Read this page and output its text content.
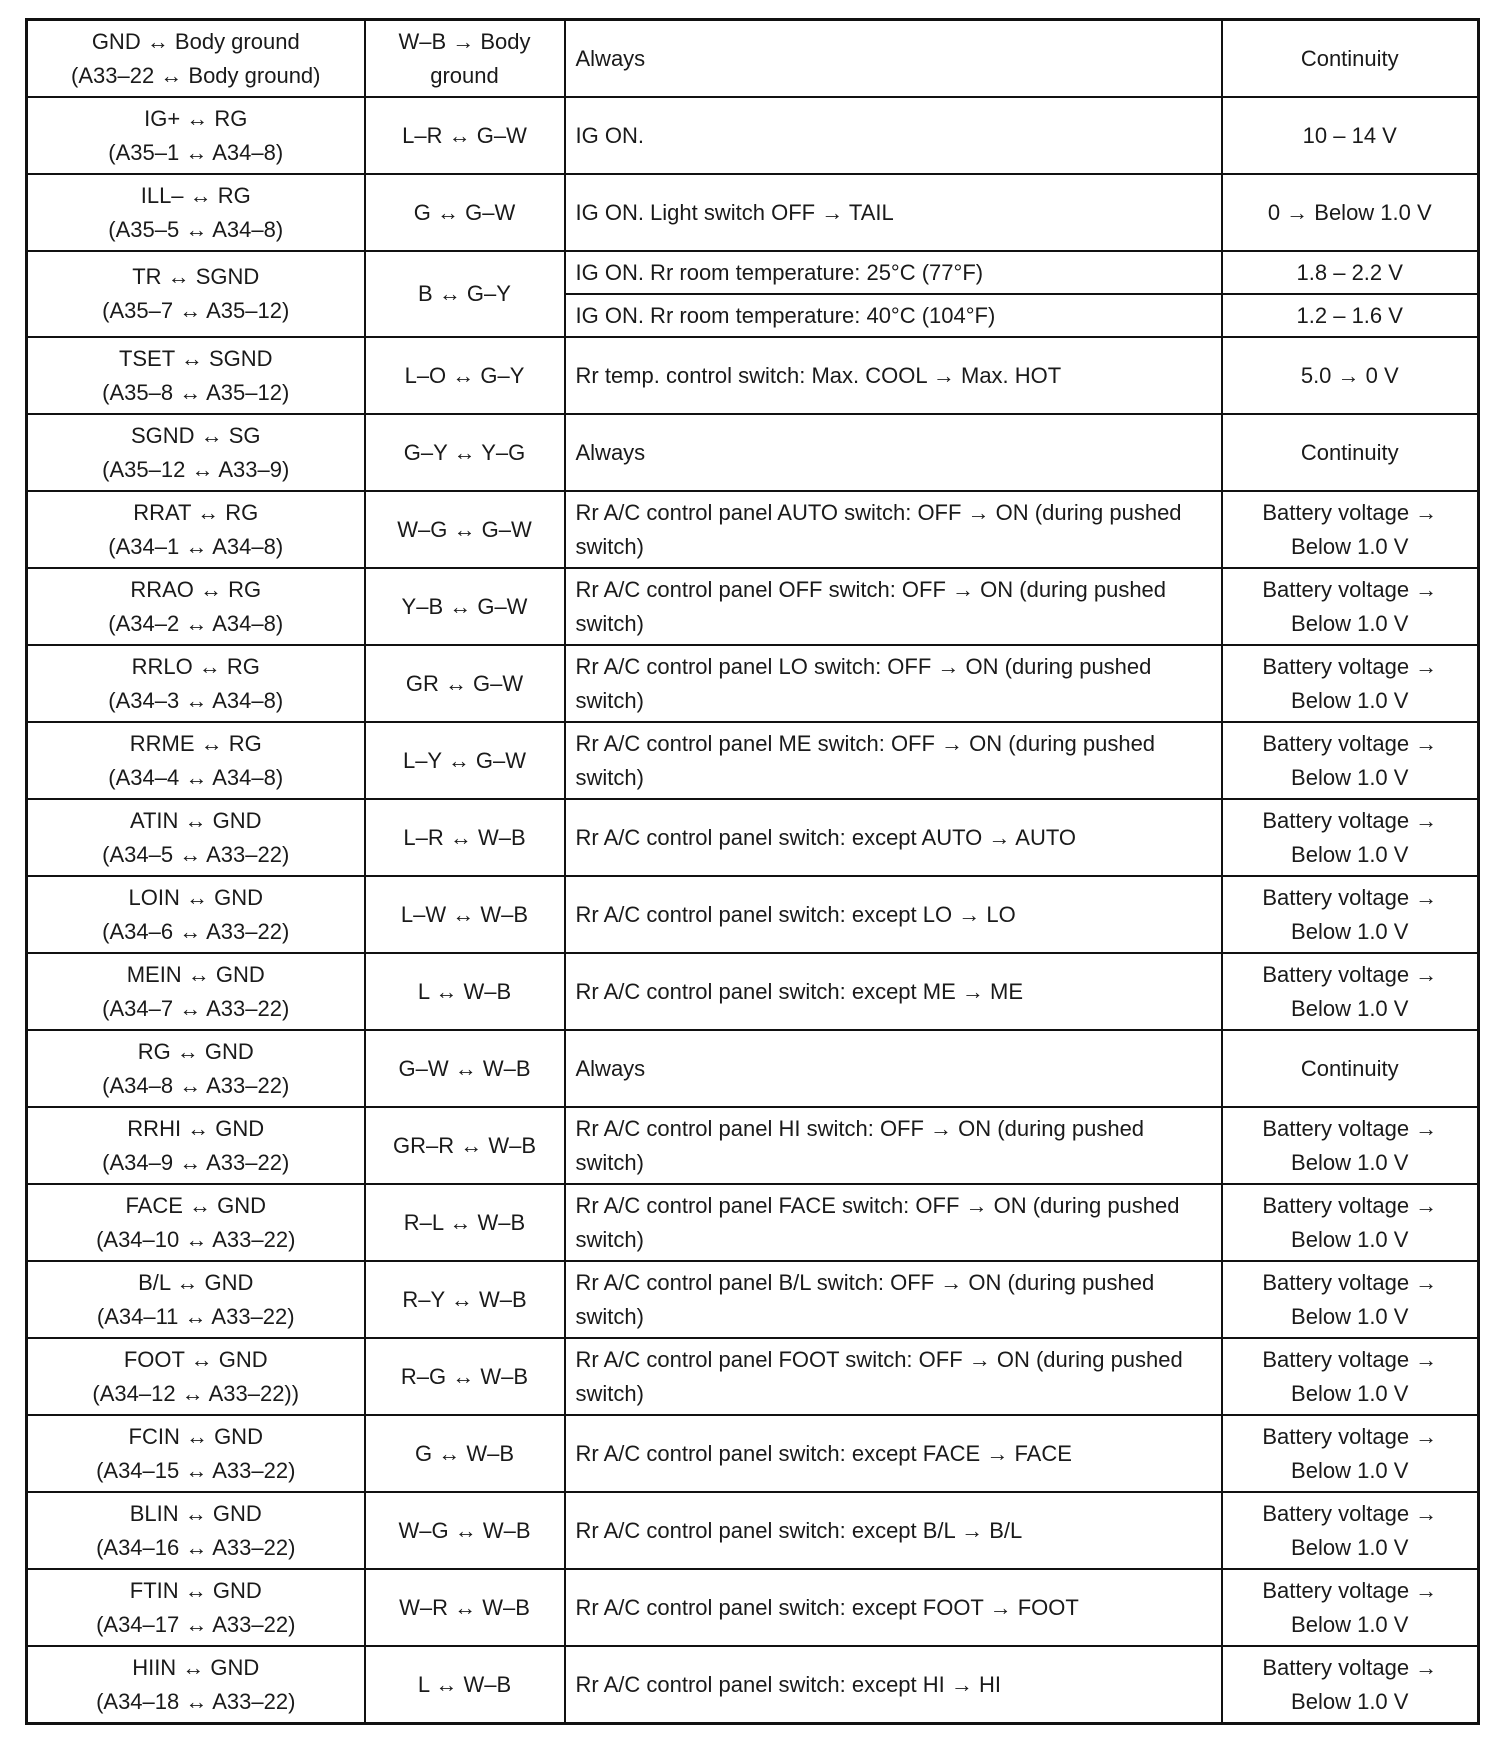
GND ↔ Body ground
(A33–22 ↔ Body ground)	W–B → Body
ground	Always	Continuity

IG+ ↔ RG
(A35–1 ↔ A34–8)	L–R ↔ G–W	IG ON.	10 – 14 V

ILL– ↔ RG
(A35–5 ↔ A34–8)	G ↔ G–W	IG ON. Light switch OFF → TAIL	0 → Below 1.0 V

TR ↔ SGND
(A35–7 ↔ A35–12)	B ↔ G–Y	IG ON. Rr room temperature: 25°C (77°F)	1.8 – 2.2 V

		IG ON. Rr room temperature: 40°C (104°F)	1.2 – 1.6 V

TSET ↔ SGND
(A35–8 ↔ A35–12)	L–O ↔ G–Y	Rr temp. control switch: Max. COOL → Max. HOT	5.0 → 0 V

SGND ↔ SG
(A35–12 ↔ A33–9)	G–Y ↔ Y–G	Always	Continuity

RRAT ↔ RG
(A34–1 ↔ A34–8)	W–G ↔ G–W	Rr A/C control panel AUTO switch: OFF → ON (during pushed switch)	Battery voltage →
Below 1.0 V

RRAO ↔ RG
(A34–2 ↔ A34–8)	Y–B ↔ G–W	Rr A/C control panel OFF switch: OFF → ON (during pushed switch)	Battery voltage →
Below 1.0 V

RRLO ↔ RG
(A34–3 ↔ A34–8)	GR ↔ G–W	Rr A/C control panel LO switch: OFF → ON (during pushed switch)	Battery voltage →
Below 1.0 V

RRME ↔ RG
(A34–4 ↔ A34–8)	L–Y ↔ G–W	Rr A/C control panel ME switch: OFF → ON (during pushed switch)	Battery voltage →
Below 1.0 V

ATIN ↔ GND
(A34–5 ↔ A33–22)	L–R ↔ W–B	Rr A/C control panel switch: except AUTO → AUTO	Battery voltage →
Below 1.0 V

LOIN ↔ GND
(A34–6 ↔ A33–22)	L–W ↔ W–B	Rr A/C control panel switch: except LO → LO	Battery voltage →
Below 1.0 V

MEIN ↔ GND
(A34–7 ↔ A33–22)	L ↔ W–B	Rr A/C control panel switch: except ME → ME	Battery voltage →
Below 1.0 V

RG ↔ GND
(A34–8 ↔ A33–22)	G–W ↔ W–B	Always	Continuity

RRHI ↔ GND
(A34–9 ↔ A33–22)	GR–R ↔ W–B	Rr A/C control panel HI switch: OFF → ON (during pushed switch)	Battery voltage →
Below 1.0 V

FACE ↔ GND
(A34–10 ↔ A33–22)	R–L ↔ W–B	Rr A/C control panel FACE switch: OFF → ON (during pushed switch)	Battery voltage →
Below 1.0 V

B/L ↔ GND
(A34–11 ↔ A33–22)	R–Y ↔ W–B	Rr A/C control panel B/L switch: OFF → ON (during pushed switch)	Battery voltage →
Below 1.0 V

FOOT ↔ GND
(A34–12 ↔ A33–22))	R–G ↔ W–B	Rr A/C control panel FOOT switch: OFF → ON (during pushed switch)	Battery voltage →
Below 1.0 V

FCIN ↔ GND
(A34–15 ↔ A33–22)	G ↔ W–B	Rr A/C control panel switch: except FACE → FACE	Battery voltage →
Below 1.0 V

BLIN ↔ GND
(A34–16 ↔ A33–22)	W–G ↔ W–B	Rr A/C control panel switch: except B/L → B/L	Battery voltage →
Below 1.0 V

FTIN ↔ GND
(A34–17 ↔ A33–22)	W–R ↔ W–B	Rr A/C control panel switch: except FOOT → FOOT	Battery voltage →
Below 1.0 V

HIIN ↔ GND
(A34–18 ↔ A33–22)	L ↔ W–B	Rr A/C control panel switch: except HI → HI	Battery voltage →
Below 1.0 V
